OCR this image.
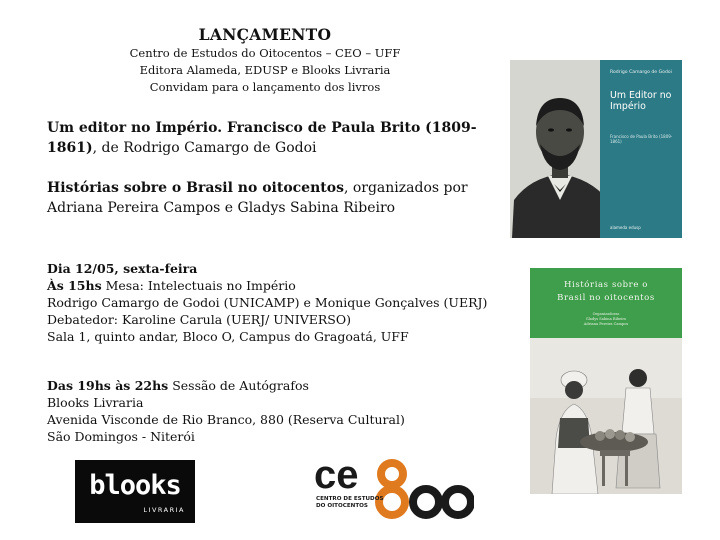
LANÇAMENTO
Centro de Estudos do Oitocentos – CEO – UFF
Editora Alameda, EDUSP e Blooks Livraria
Convidam para o lançamento dos livros
Um editor no Império. Francisco de Paula Brito (1809-1861), de Rodrigo Camargo de Godoi
Histórias sobre o Brasil no oitocentos, organizados por Adriana Pereira Campos e Gladys Sabina Ribeiro
Dia 12/05, sexta-feira
Às 15hs Mesa: Intelectuais no Império
Rodrigo Camargo de Godoi (UNICAMP) e Monique Gonçalves (UERJ)
Debatedor: Karoline Carula (UERJ/ UNIVERSO)
Sala 1, quinto andar, Bloco O, Campus do Gragoatá, UFF
Das 19hs às 22hs Sessão de Autógrafos
Blooks Livraria
Avenida Visconde de Rio Branco, 880 (Reserva Cultural)
São Domingos - Niterói
Rodrigo Camargo de Godoi
Um Editor no Império
Francisco de Paula Brito (1809-1861)
alameda edusp
Histórias sobre o
Brasil no oitocentos
Organizadoras
Gladys Sabina Ribeiro
Adriana Pereira Campos
blooks
LIVRARIA
ce
CENTRO DE ESTUDOS DO OITOCENTOS
